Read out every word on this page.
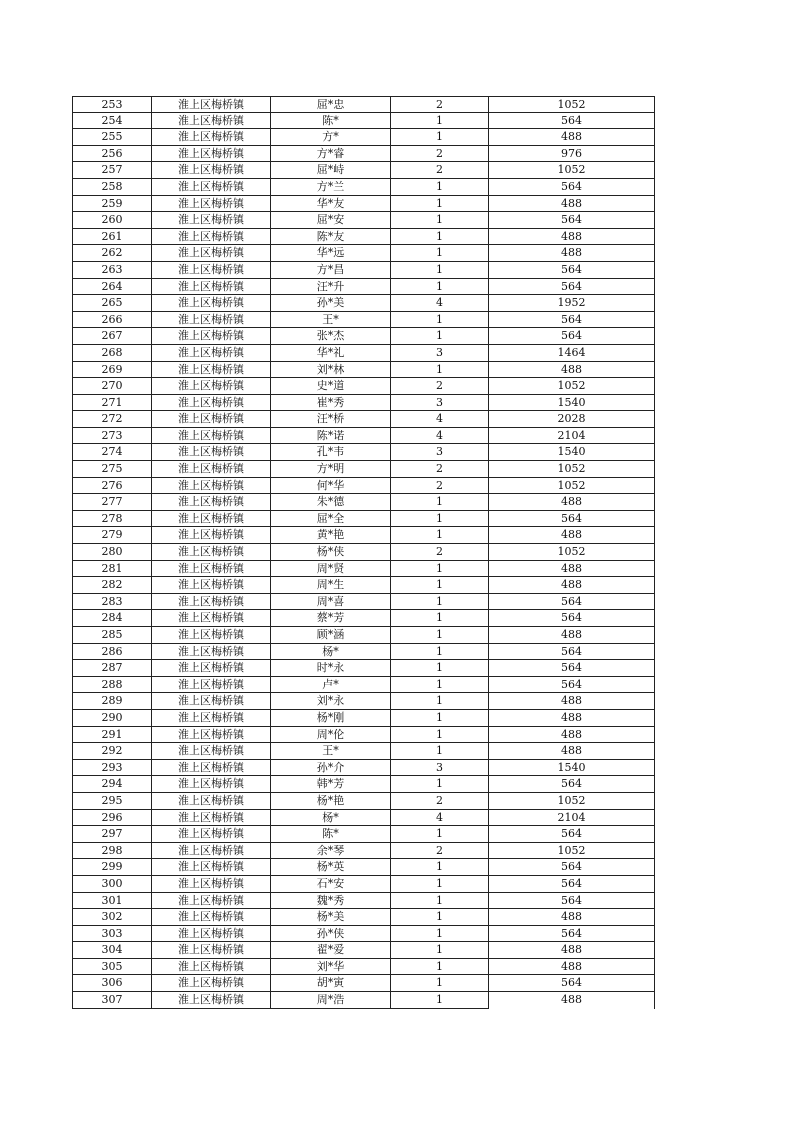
253	淮上区梅桥镇	屈*忠	2	1052
254	淮上区梅桥镇	陈*	1	564
255	淮上区梅桥镇	方*	1	488
256	淮上区梅桥镇	方*睿	2	976
257	淮上区梅桥镇	屈*峙	2	1052
258	淮上区梅桥镇	方*兰	1	564
259	淮上区梅桥镇	华*友	1	488
260	淮上区梅桥镇	屈*安	1	564
261	淮上区梅桥镇	陈*友	1	488
262	淮上区梅桥镇	华*远	1	488
263	淮上区梅桥镇	方*昌	1	564
264	淮上区梅桥镇	汪*升	1	564
265	淮上区梅桥镇	孙*美	4	1952
266	淮上区梅桥镇	王*	1	564
267	淮上区梅桥镇	张*杰	1	564
268	淮上区梅桥镇	华*礼	3	1464
269	淮上区梅桥镇	刘*林	1	488
270	淮上区梅桥镇	史*道	2	1052
271	淮上区梅桥镇	崔*秀	3	1540
272	淮上区梅桥镇	汪*桥	4	2028
273	淮上区梅桥镇	陈*诺	4	2104
274	淮上区梅桥镇	孔*韦	3	1540
275	淮上区梅桥镇	方*明	2	1052
276	淮上区梅桥镇	何*华	2	1052
277	淮上区梅桥镇	朱*德	1	488
278	淮上区梅桥镇	屈*全	1	564
279	淮上区梅桥镇	黄*艳	1	488
280	淮上区梅桥镇	杨*侠	2	1052
281	淮上区梅桥镇	周*贤	1	488
282	淮上区梅桥镇	周*生	1	488
283	淮上区梅桥镇	周*喜	1	564
284	淮上区梅桥镇	蔡*芳	1	564
285	淮上区梅桥镇	顾*涵	1	488
286	淮上区梅桥镇	杨*	1	564
287	淮上区梅桥镇	时*永	1	564
288	淮上区梅桥镇	卢*	1	564
289	淮上区梅桥镇	刘*永	1	488
290	淮上区梅桥镇	杨*刚	1	488
291	淮上区梅桥镇	周*伦	1	488
292	淮上区梅桥镇	王*	1	488
293	淮上区梅桥镇	孙*介	3	1540
294	淮上区梅桥镇	韩*芳	1	564
295	淮上区梅桥镇	杨*艳	2	1052
296	淮上区梅桥镇	杨*	4	2104
297	淮上区梅桥镇	陈*	1	564
298	淮上区梅桥镇	余*琴	2	1052
299	淮上区梅桥镇	杨*英	1	564
300	淮上区梅桥镇	石*安	1	564
301	淮上区梅桥镇	魏*秀	1	564
302	淮上区梅桥镇	杨*美	1	488
303	淮上区梅桥镇	孙*侠	1	564
304	淮上区梅桥镇	翟*爱	1	488
305	淮上区梅桥镇	刘*华	1	488
306	淮上区梅桥镇	胡*寅	1	564
307	淮上区梅桥镇	周*浩	1	488
